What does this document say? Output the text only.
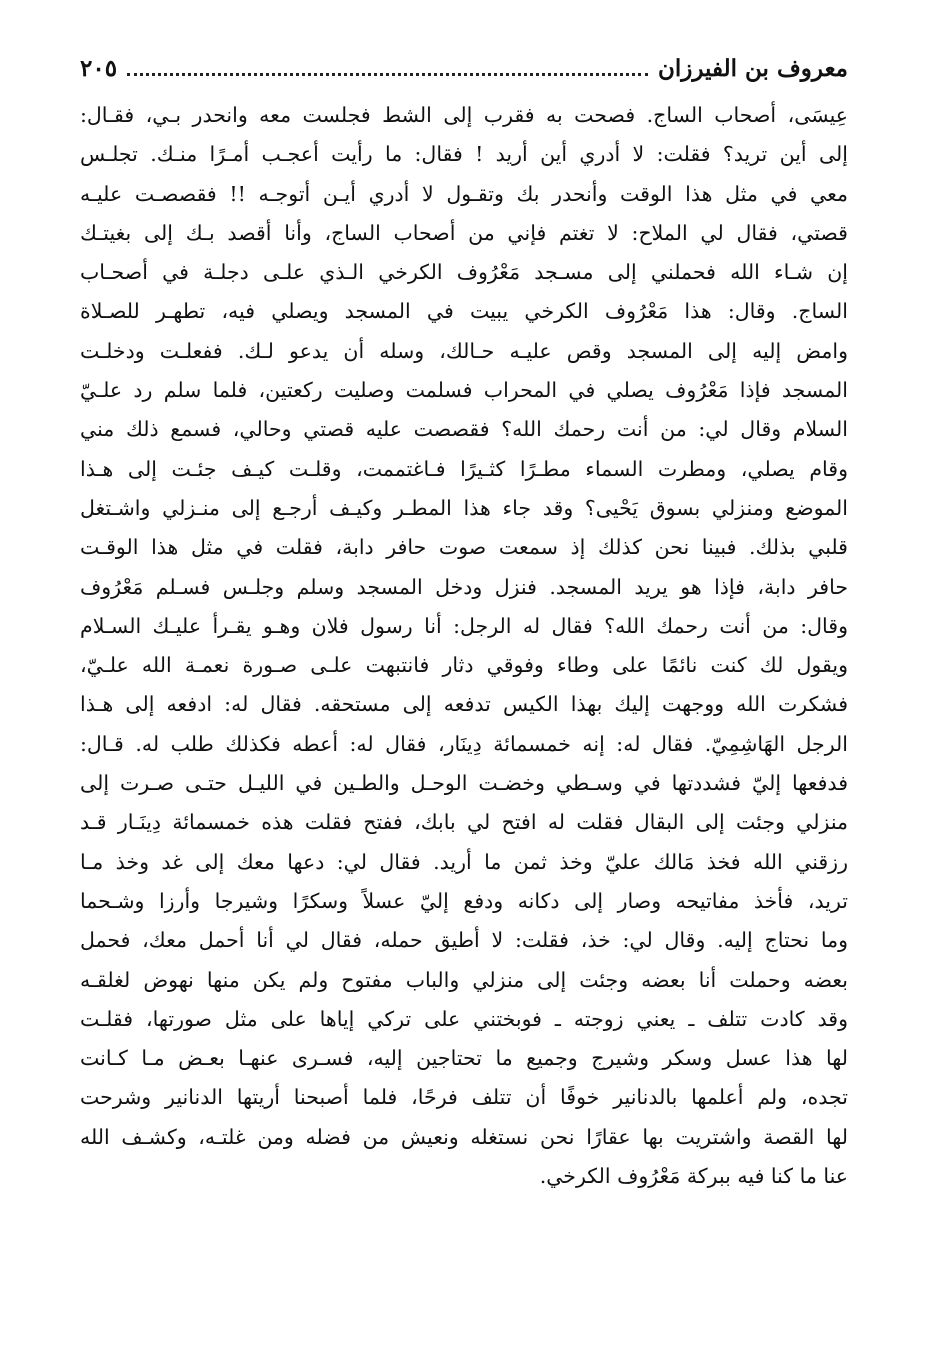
معروف بن الفيرزان
٢٠٥
عِيسَى، أصحاب الساج. فصحت به فقرب إلى الشط فجلست معه وانحدر بـي، فقـال:
إلى أين تريد؟ فقلت: لا أدري أين أريد ! فقال: ما رأيت أعجـب أمـرًا منـك. تجلـس
معي في مثل هذا الوقت وأنحدر بك وتقـول لا أدري أيـن أتوجـه !! فقصصـت عليـه
قصتي، فقال لي الملاح: لا تغتم فإني من أصحاب الساج، وأنا أقصد بـك إلى بغيتـك
إن شـاء الله فحملني إلى مسـجد مَعْرُوف الكرخي الـذي علـى دجلـة في أصحـاب
الساج. وقال: هذا مَعْرُوف الكرخي يبيت في المسجد ويصلي فيه، تطهـر للصـلاة
وامض إليه إلى المسجد وقص عليـه حـالك، وسله أن يدعو لـك. ففعلـت ودخلـت
المسجد فإذا مَعْرُوف يصلي في المحراب فسلمت وصليت ركعتين، فلما سلم رد علـيّ
السلام وقال لي: من أنت رحمك الله؟ فقصصت عليه قصتي وحالي، فسمع ذلك مني
وقام يصلي، ومطرت السماء مطـرًا كثـيرًا فـاغتممت، وقلـت كيـف جئـت إلى هـذا
الموضع ومنزلي بسوق يَحْيى؟ وقد جاء هذا المطـر وكيـف أرجـع إلى منـزلي واشـتغل
قلبي بذلك. فبينا نحن كذلك إذ سمعت صوت حافر دابة، فقلت في مثل هذا الوقـت
حافر دابة، فإذا هو يريد المسجد. فنزل ودخل المسجد وسلم وجلـس فسـلم مَعْرُوف
وقال: من أنت رحمك الله؟ فقال له الرجل: أنا رسول فلان وهـو يقـرأ عليـك السـلام
ويقول لك كنت نائمًا على وطاء وفوقي دثار فانتبهت علـى صـورة نعمـة الله علـيّ،
فشكرت الله ووجهت إليك بهذا الكيس تدفعه إلى مستحقه. فقال له: ادفعه إلى هـذا
الرجل الهَاشِمِيّ. فقال له: إنه خمسمائة دِينَار، فقال له: أعطه فكذلك طلب له. قـال:
فدفعها إليّ فشددتها في وسـطي وخضـت الوحـل والطـين في الليـل حتـى صـرت إلى
منزلي وجئت إلى البقال فقلت له افتح لي بابك، ففتح فقلت هذه خمسمائة دِينَـار قـد
رزقني الله فخذ مَالك عليّ وخذ ثمن ما أريد. فقال لي: دعها معك إلى غد وخذ مـا
تريد، فأخذ مفاتيحه وصار إلى دكانه ودفع إليّ عسلاً وسكرًا وشيرجا وأرزا وشـحما
وما نحتاج إليه. وقال لي: خذ، فقلت: لا أطيق حمله، فقال لي أنا أحمل معك، فحمل
بعضه وحملت أنا بعضه وجئت إلى منزلي والباب مفتوح ولم يكن منها نهوض لغلقـه
وقد كادت تتلف ـ يعني زوجته ـ فوبختني على تركي إياها على مثل صورتها، فقلـت
لها هذا عسل وسكر وشيرج وجميع ما تحتاجين إليه، فسـرى عنهـا بعـض مـا كـانت
تجده، ولم أعلمها بالدنانير خوفًا أن تتلف فرحًا، فلما أصبحنا أريتها الدنانير وشرحت
لها القصة واشتريت بها عقارًا نحن نستغله ونعيش من فضله ومن غلتـه، وكشـف الله
عنا ما كنا فيه ببركة مَعْرُوف الكرخي.
